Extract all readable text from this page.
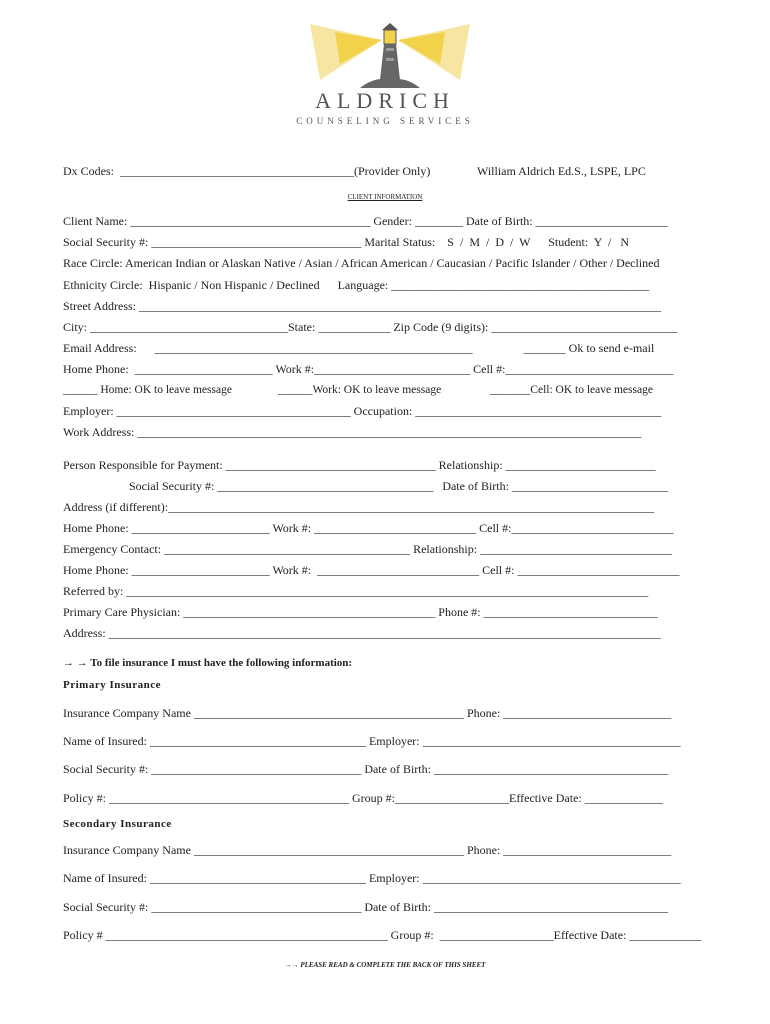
ALDRICH
COUNSELING SERVICES
Dx Codes:  _______________________________________(Provider Only)	William Aldrich Ed.S., LSPE, LPC
CLIENT INFORMATION
Client Name: ________________________________________ Gender: ________ Date of Birth: ______________________
Social Security #: ___________________________________ Marital Status:    S  /  M  /  D  /  W      Student:  Y  /   N
Race Circle: American Indian or Alaskan Native / Asian / African American / Caucasian / Pacific Islander / Other / Declined
Ethnicity Circle:  Hispanic / Non Hispanic / Declined      Language: ___________________________________________
Street Address: _______________________________________________________________________________________
City: _________________________________State: ____________ Zip Code (9 digits): _______________________________
Email Address:      _____________________________________________________                 _______ Ok to send e-mail
Home Phone:  _______________________ Work #:__________________________ Cell #:____________________________
______ Home: OK to leave message                ______Work: OK to leave message                 _______Cell: OK to leave message
Employer: _______________________________________ Occupation: _________________________________________
Work Address: ____________________________________________________________________________________
Person Responsible for Payment: ___________________________________ Relationship: _________________________
Social Security #: ____________________________________   Date of Birth: __________________________
Address (if different):_________________________________________________________________________________
Home Phone: _______________________ Work #: ___________________________ Cell #:___________________________
Emergency Contact: _________________________________________ Relationship: ________________________________
Home Phone: _______________________ Work #:  ___________________________ Cell #: ___________________________
Referred by: _______________________________________________________________________________________
Primary Care Physician: __________________________________________ Phone #: _____________________________
Address: ____________________________________________________________________________________________
→ → To file insurance I must have the following information:
Primary Insurance
Insurance Company Name _____________________________________________ Phone: ____________________________
Name of Insured: ____________________________________ Employer: ___________________________________________
Social Security #: ___________________________________ Date of Birth: _______________________________________
Policy #: ________________________________________ Group #:___________________Effective Date: _____________
Secondary Insurance
Insurance Company Name _____________________________________________ Phone: ____________________________
Name of Insured: ____________________________________ Employer: ___________________________________________
Social Security #: ___________________________________ Date of Birth: _______________________________________
Policy # _______________________________________________ Group #:  ___________________Effective Date: ____________
→→ PLEASE READ & COMPLETE THE BACK OF THIS SHEET
